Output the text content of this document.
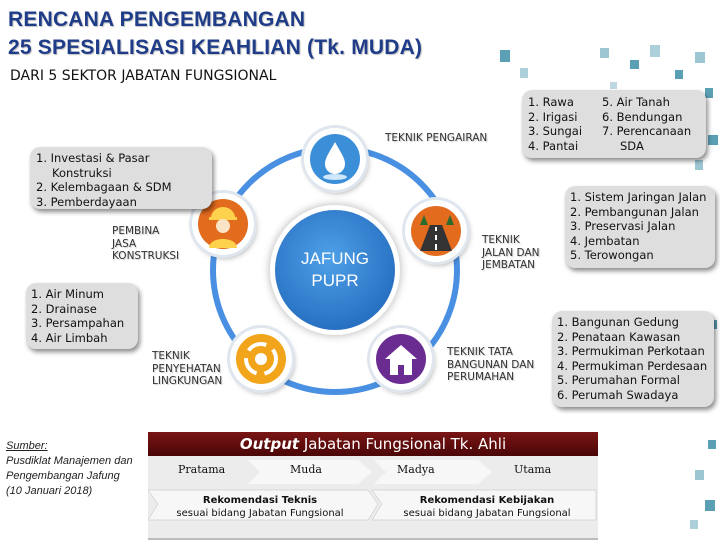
RENCANA PENGEMBANGAN
25 SPESIALISASI KEAHLIAN (Tk. MUDA)
DARI 5 SEKTOR JABATAN FUNGSIONAL
JAFUNG
PUPR
TEKNIK PENGAIRAN
PEMBINA
JASA
KONSTRUKSI
TEKNIK
JALAN DAN
JEMBATAN
TEKNIK
PENYEHATAN
LINGKUNGAN
TEKNIK TATA
BANGUNAN DAN
PERUMAHAN
1. Rawa
2. Irigasi
3. Sungai
4. Pantai
5. Air Tanah
6. Bendungan
7. Perencanaan
SDA
1. Investasi & Pasar
Konstruksi
2. Kelembagaan & SDM
3. Pemberdayaan	1. Sistem Jaringan Jalan
2. Pembangunan Jalan
3. Preservasi Jalan
4. Jembatan
5. Terowongan
1. Air Minum
2. Drainase
3. Persampahan
4. Air Limbah
1. Bangunan Gedung
2. Penataan Kawasan
3. Permukiman Perkotaan
4. Permukiman Perdesaan
5. Perumahan Formal
6. Perumah Swadaya
Output Jabatan Fungsional Tk. Ahli
Pratama	Muda	Madya	Utama
Rekomendasi Teknis
sesuai bidang Jabatan Fungsional
Rekomendasi Kebijakan
sesuai bidang Jabatan Fungsional
Sumber:
Pusdiklat Manajemen dan
Pengembangan Jafung
(10 Januari 2018)
